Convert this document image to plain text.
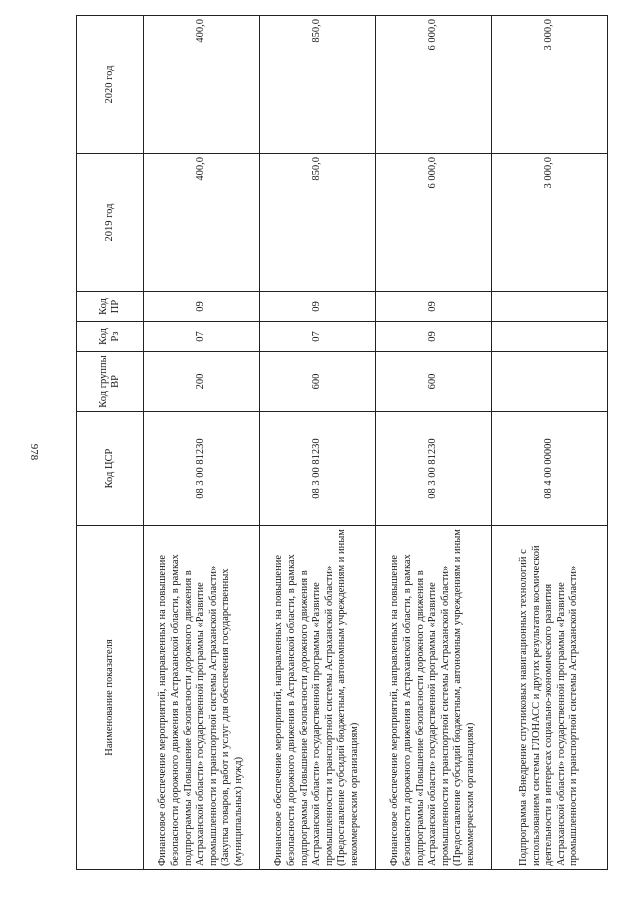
978
Наименование показателя	Код ЦСР	Код группы ВР	Код Рз	Код ПР	2019 год	2020 год
Финансовое обеспечение мероприятий, направленных на повышение безопасности дорожного движения в Астраханской области, в рамках подпрограммы «Повышение безопасности дорожного движения в Астраханской области» государственной программы «Развитие промышленности и транспортной системы Астраханской области» (Закупка товаров, работ и услуг для обеспечения государственных (муниципальных) нужд)	08 3 00 81230	200	07	09	400,0	400,0
Финансовое обеспечение мероприятий, направленных на повышение безопасности дорожного движения в Астраханской области, в рамках подпрограммы «Повышение безопасности дорожного движения в Астраханской области» государственной программы «Развитие промышленности и транспортной системы Астраханской области» (Предоставление субсидий бюджетным, автономным учреждениям и иным некоммерческим организациям)	08 3 00 81230	600	07	09	850,0	850,0
Финансовое обеспечение мероприятий, направленных на повышение безопасности дорожного движения в Астраханской области, в рамках подпрограммы «Повышение безопасности дорожного движения в Астраханской области» государственной программы «Развитие промышленности и транспортной системы Астраханской области» (Предоставление субсидий бюджетным, автономным учреждениям и иным некоммерческим организациям)	08 3 00 81230	600	09	09	6 000,0	6 000,0
Подпрограмма «Внедрение спутниковых навигационных технологий с использованием системы ГЛОНАСС и других результатов космической деятельности в интересах социально-экономического развития Астраханской области» государственной программы «Развитие промышленности и транспортной системы Астраханской области»	08 4 00 00000				3 000,0	3 000,0
